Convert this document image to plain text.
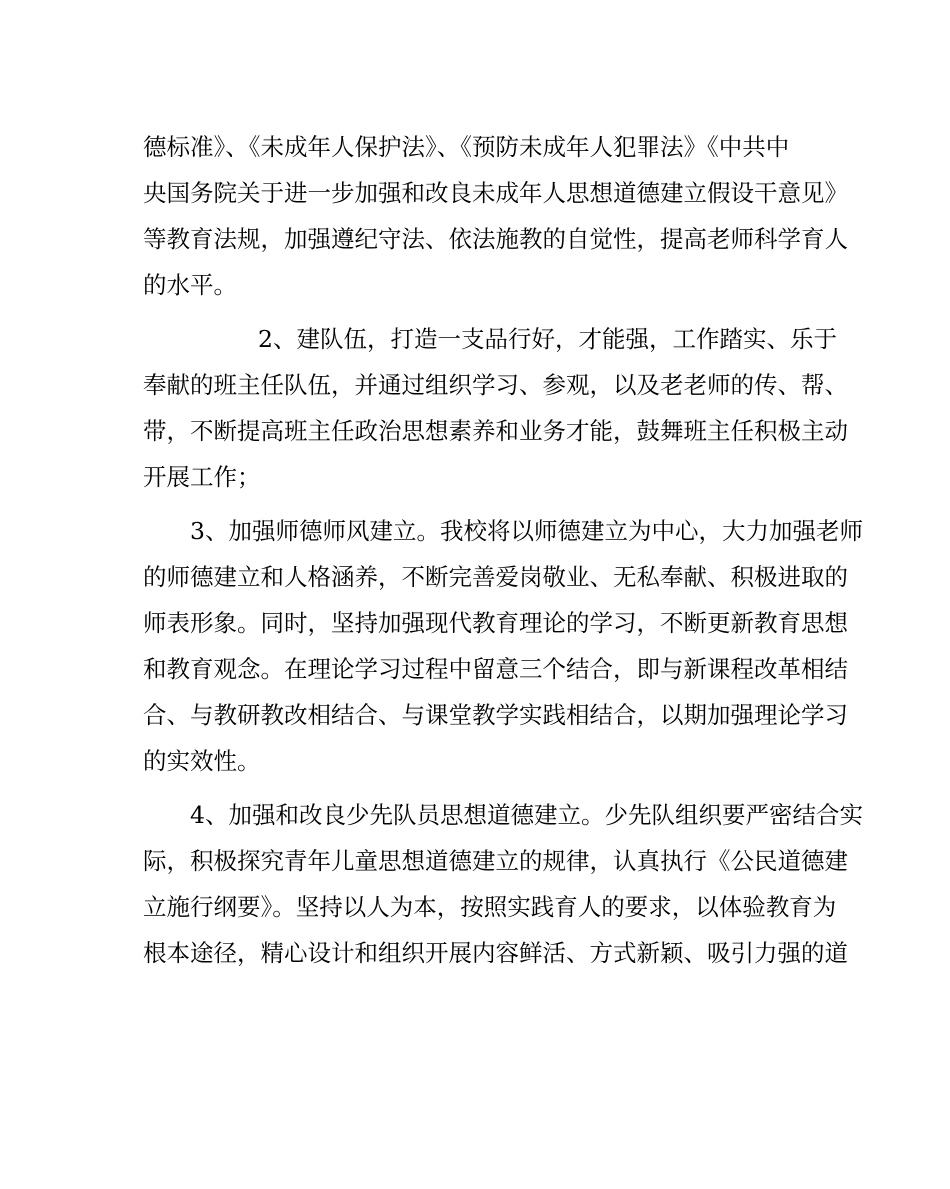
德标准》、《未成年人保护法》、《预防未成年人犯罪法》《中共中
央国务院关于进一步加强和改良未成年人思想道德建立假设干意见》
等教育法规，加强遵纪守法、依法施教的自觉性，提高老师科学育人
的水平。
2、建队伍，打造一支品行好，才能强，工作踏实、乐于
奉献的班主任队伍，并通过组织学习、参观，以及老老师的传、帮、
带，不断提高班主任政治思想素养和业务才能，鼓舞班主任积极主动
开展工作；
3、加强师德师风建立。我校将以师德建立为中心，大力加强老师
的师德建立和人格涵养，不断完善爱岗敬业、无私奉献、积极进取的
师表形象。同时，坚持加强现代教育理论的学习，不断更新教育思想
和教育观念。在理论学习过程中留意三个结合，即与新课程改革相结
合、与教研教改相结合、与课堂教学实践相结合，以期加强理论学习
的实效性。
4、加强和改良少先队员思想道德建立。少先队组织要严密结合实
际，积极探究青年儿童思想道德建立的规律，认真执行《公民道德建
立施行纲要》。坚持以人为本，按照实践育人的要求，以体验教育为
根本途径，精心设计和组织开展内容鲜活、方式新颖、吸引力强的道
